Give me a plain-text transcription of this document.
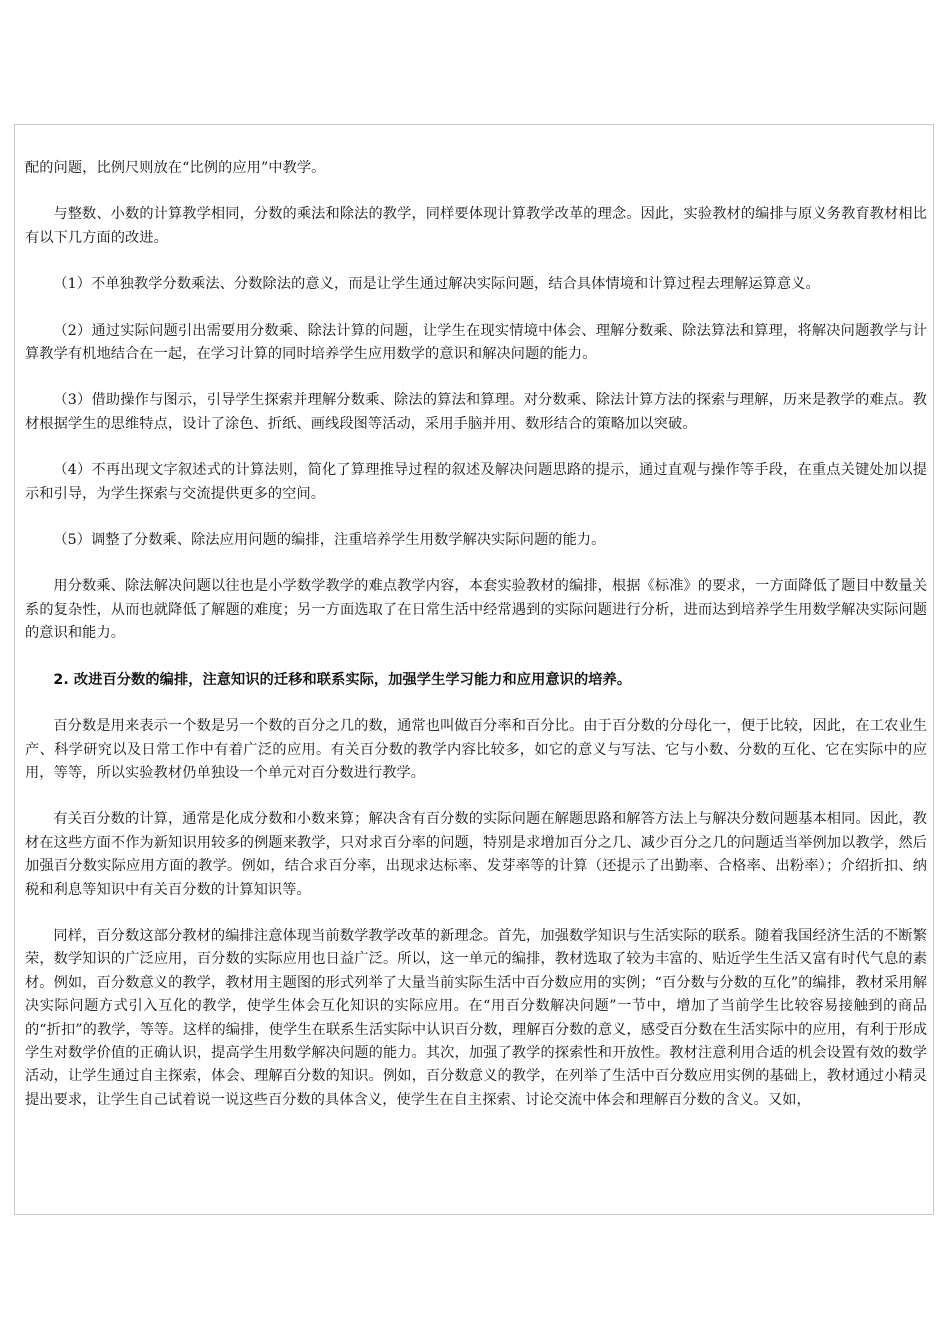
配的问题，比例尺则放在“比例的应用”中教学。

与整数、小数的计算教学相同，分数的乘法和除法的教学，同样要体现计算教学改革的理念。因此，实验教材的编排与原义务教育教材相比有以下几方面的改进。

（1）不单独教学分数乘法、分数除法的意义，而是让学生通过解决实际问题，结合具体情境和计算过程去理解运算意义。

（2）通过实际问题引出需要用分数乘、除法计算的问题，让学生在现实情境中体会、理解分数乘、除法算法和算理，将解决问题教学与计算教学有机地结合在一起，在学习计算的同时培养学生应用数学的意识和解决问题的能力。

（3）借助操作与图示，引导学生探索并理解分数乘、除法的算法和算理。对分数乘、除法计算方法的探索与理解，历来是教学的难点。教材根据学生的思维特点，设计了涂色、折纸、画线段图等活动，采用手脑并用、数形结合的策略加以突破。

（4）不再出现文字叙述式的计算法则，简化了算理推导过程的叙述及解决问题思路的提示，通过直观与操作等手段，在重点关键处加以提示和引导，为学生探索与交流提供更多的空间。

（5）调整了分数乘、除法应用问题的编排，注重培养学生用数学解决实际问题的能力。

用分数乘、除法解决问题以往也是小学数学教学的难点教学内容，本套实验教材的编排，根据《标准》的要求，一方面降低了题目中数量关系的复杂性，从而也就降低了解题的难度；另一方面选取了在日常生活中经常遇到的实际问题进行分析，进而达到培养学生用数学解决实际问题的意识和能力。

2. 改进百分数的编排，注意知识的迁移和联系实际，加强学生学习能力和应用意识的培养。

百分数是用来表示一个数是另一个数的百分之几的数，通常也叫做百分率和百分比。由于百分数的分母化一，便于比较，因此，在工农业生产、科学研究以及日常工作中有着广泛的应用。有关百分数的教学内容比较多，如它的意义与写法、它与小数、分数的互化、它在实际中的应用，等等，所以实验教材仍单独设一个单元对百分数进行教学。

有关百分数的计算，通常是化成分数和小数来算；解决含有百分数的实际问题在解题思路和解答方法上与解决分数问题基本相同。因此，教材在这些方面不作为新知识用较多的例题来教学，只对求百分率的问题，特别是求增加百分之几、减少百分之几的问题适当举例加以教学，然后加强百分数实际应用方面的教学。例如，结合求百分率，出现求达标率、发芽率等的计算（还提示了出勤率、合格率、出粉率）；介绍折扣、纳税和利息等知识中有关百分数的计算知识等。

同样，百分数这部分教材的编排注意体现当前数学教学改革的新理念。首先，加强数学知识与生活实际的联系。随着我国经济生活的不断繁荣，数学知识的广泛应用，百分数的实际应用也日益广泛。所以，这一单元的编排，教材选取了较为丰富的、贴近学生生活又富有时代气息的素材。例如，百分数意义的教学，教材用主题图的形式列举了大量当前实际生活中百分数应用的实例；“百分数与分数的互化”的编排，教材采用解决实际问题方式引入互化的教学，使学生体会互化知识的实际应用。在“用百分数解决问题”一节中，增加了当前学生比较容易接触到的商品的“折扣”的教学，等等。这样的编排，使学生在联系生活实际中认识百分数，理解百分数的意义，感受百分数在生活实际中的应用，有利于形成学生对数学价值的正确认识，提高学生用数学解决问题的能力。其次，加强了教学的探索性和开放性。教材注意利用合适的机会设置有效的数学活动，让学生通过自主探索，体会、理解百分数的知识。例如，百分数意义的教学，在列举了生活中百分数应用实例的基础上，教材通过小精灵提出要求，让学生自己试着说一说这些百分数的具体含义，使学生在自主探索、讨论交流中体会和理解百分数的含义。又如，
